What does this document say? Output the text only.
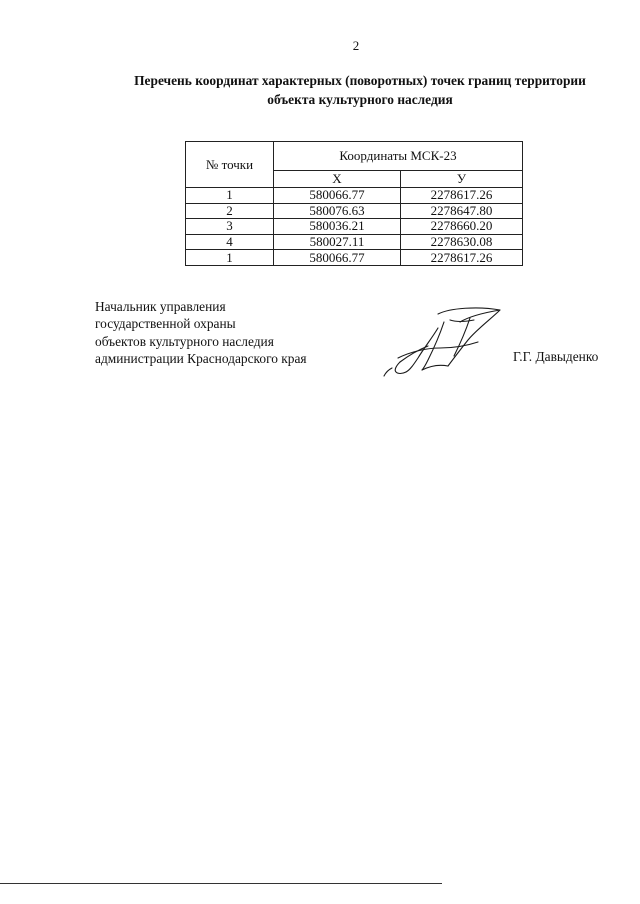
2
Перечень координат характерных (поворотных) точек границ территории
объекта культурного наследия
№ точки	Координаты МСК-23	
	X	У
1	580066.77	2278617.26
2	580076.63	2278647.80
3	580036.21	2278660.20
4	580027.11	2278630.08
1	580066.77	2278617.26
Начальник управления
государственной охраны
объектов культурного наследия
администрации Краснодарского края	Г.Г. Давыденко
